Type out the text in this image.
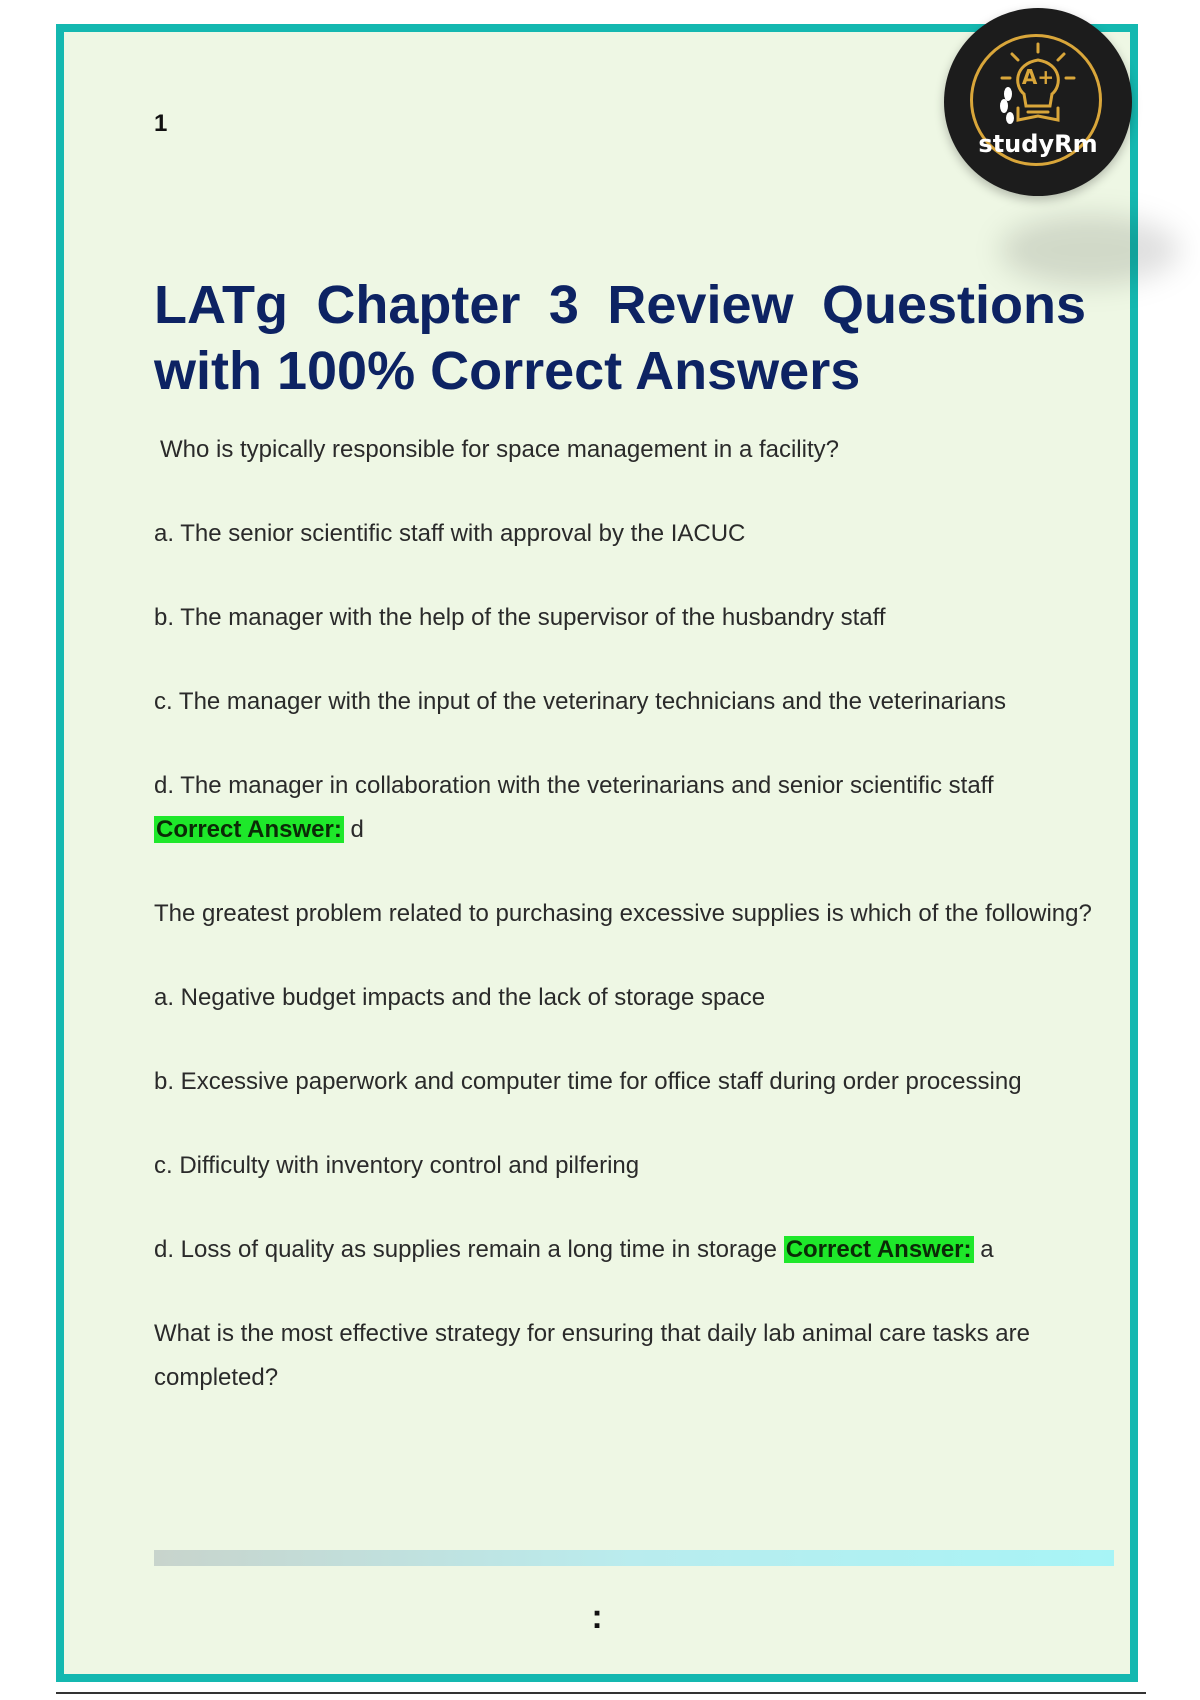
1
LATg Chapter 3 Review Questions
with 100% Correct Answers

Who is typically responsible for space management in a facility?

a. The senior scientific staff with approval by the IACUC

b. The manager with the help of the supervisor of the husbandry staff

c. The manager with the input of the veterinary technicians and the veterinarians

d. The manager in collaboration with the veterinarians and senior scientific staff
Correct Answer: d

The greatest problem related to purchasing excessive supplies is which of the following?

a. Negative budget impacts and the lack of storage space

b. Excessive paperwork and computer time for office staff during order processing

c. Difficulty with inventory control and pilfering

d. Loss of quality as supplies remain a long time in storage Correct Answer: a

What is the most effective strategy for ensuring that daily lab animal care tasks are completed?

:
A+
studyRm
